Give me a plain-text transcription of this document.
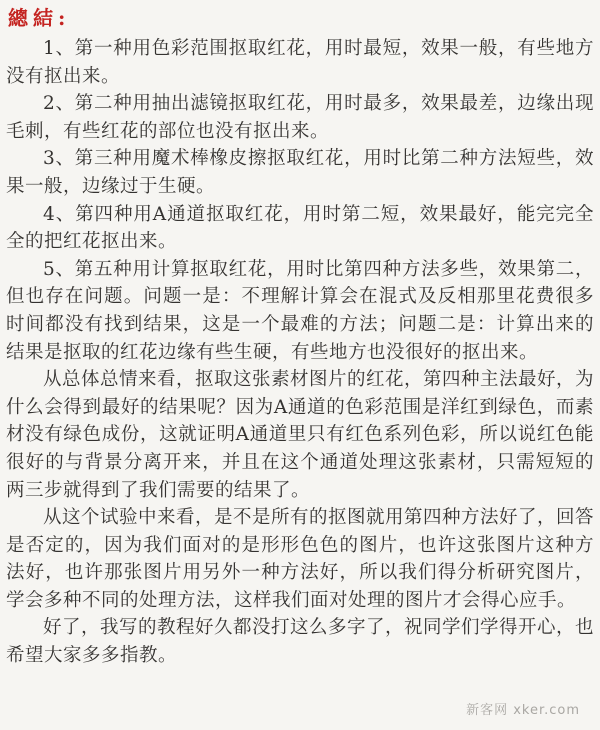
總結:

1、第一种用色彩范围抠取红花，用时最短，效果一般，有些地方没有抠出来。

2、第二种用抽出滤镜抠取红花，用时最多，效果最差，边缘出现毛刺，有些红花的部位也没有抠出来。

3、第三种用魔术棒橡皮擦抠取红花，用时比第二种方法短些，效果一般，边缘过于生硬。

4、第四种用A通道抠取红花，用时第二短，效果最好，能完完全全的把红花抠出来。

5、第五种用计算抠取红花，用时比第四种方法多些，效果第二，但也存在问题。问题一是：不理解计算会在混式及反相那里花费很多时间都没有找到结果，这是一个最难的方法；问题二是：计算出来的结果是抠取的红花边缘有些生硬，有些地方也没很好的抠出来。

从总体总情来看，抠取这张素材图片的红花，第四种主法最好，为什么会得到最好的结果呢？因为A通道的色彩范围是洋红到绿色，而素材没有绿色成份，这就证明A通道里只有红色系列色彩，所以说红色能很好的与背景分离开来，并且在这个通道处理这张素材，只需短短的两三步就得到了我们需要的结果了。

从这个试验中来看，是不是所有的抠图就用第四种方法好了，回答是否定的，因为我们面对的是形形色色的图片，也许这张图片这种方法好，也许那张图片用另外一种方法好，所以我们得分析研究图片，学会多种不同的处理方法，这样我们面对处理的图片才会得心应手。

好了，我写的教程好久都没打这么多字了，祝同学们学得开心，也希望大家多多指教。

新客网 xker.com
